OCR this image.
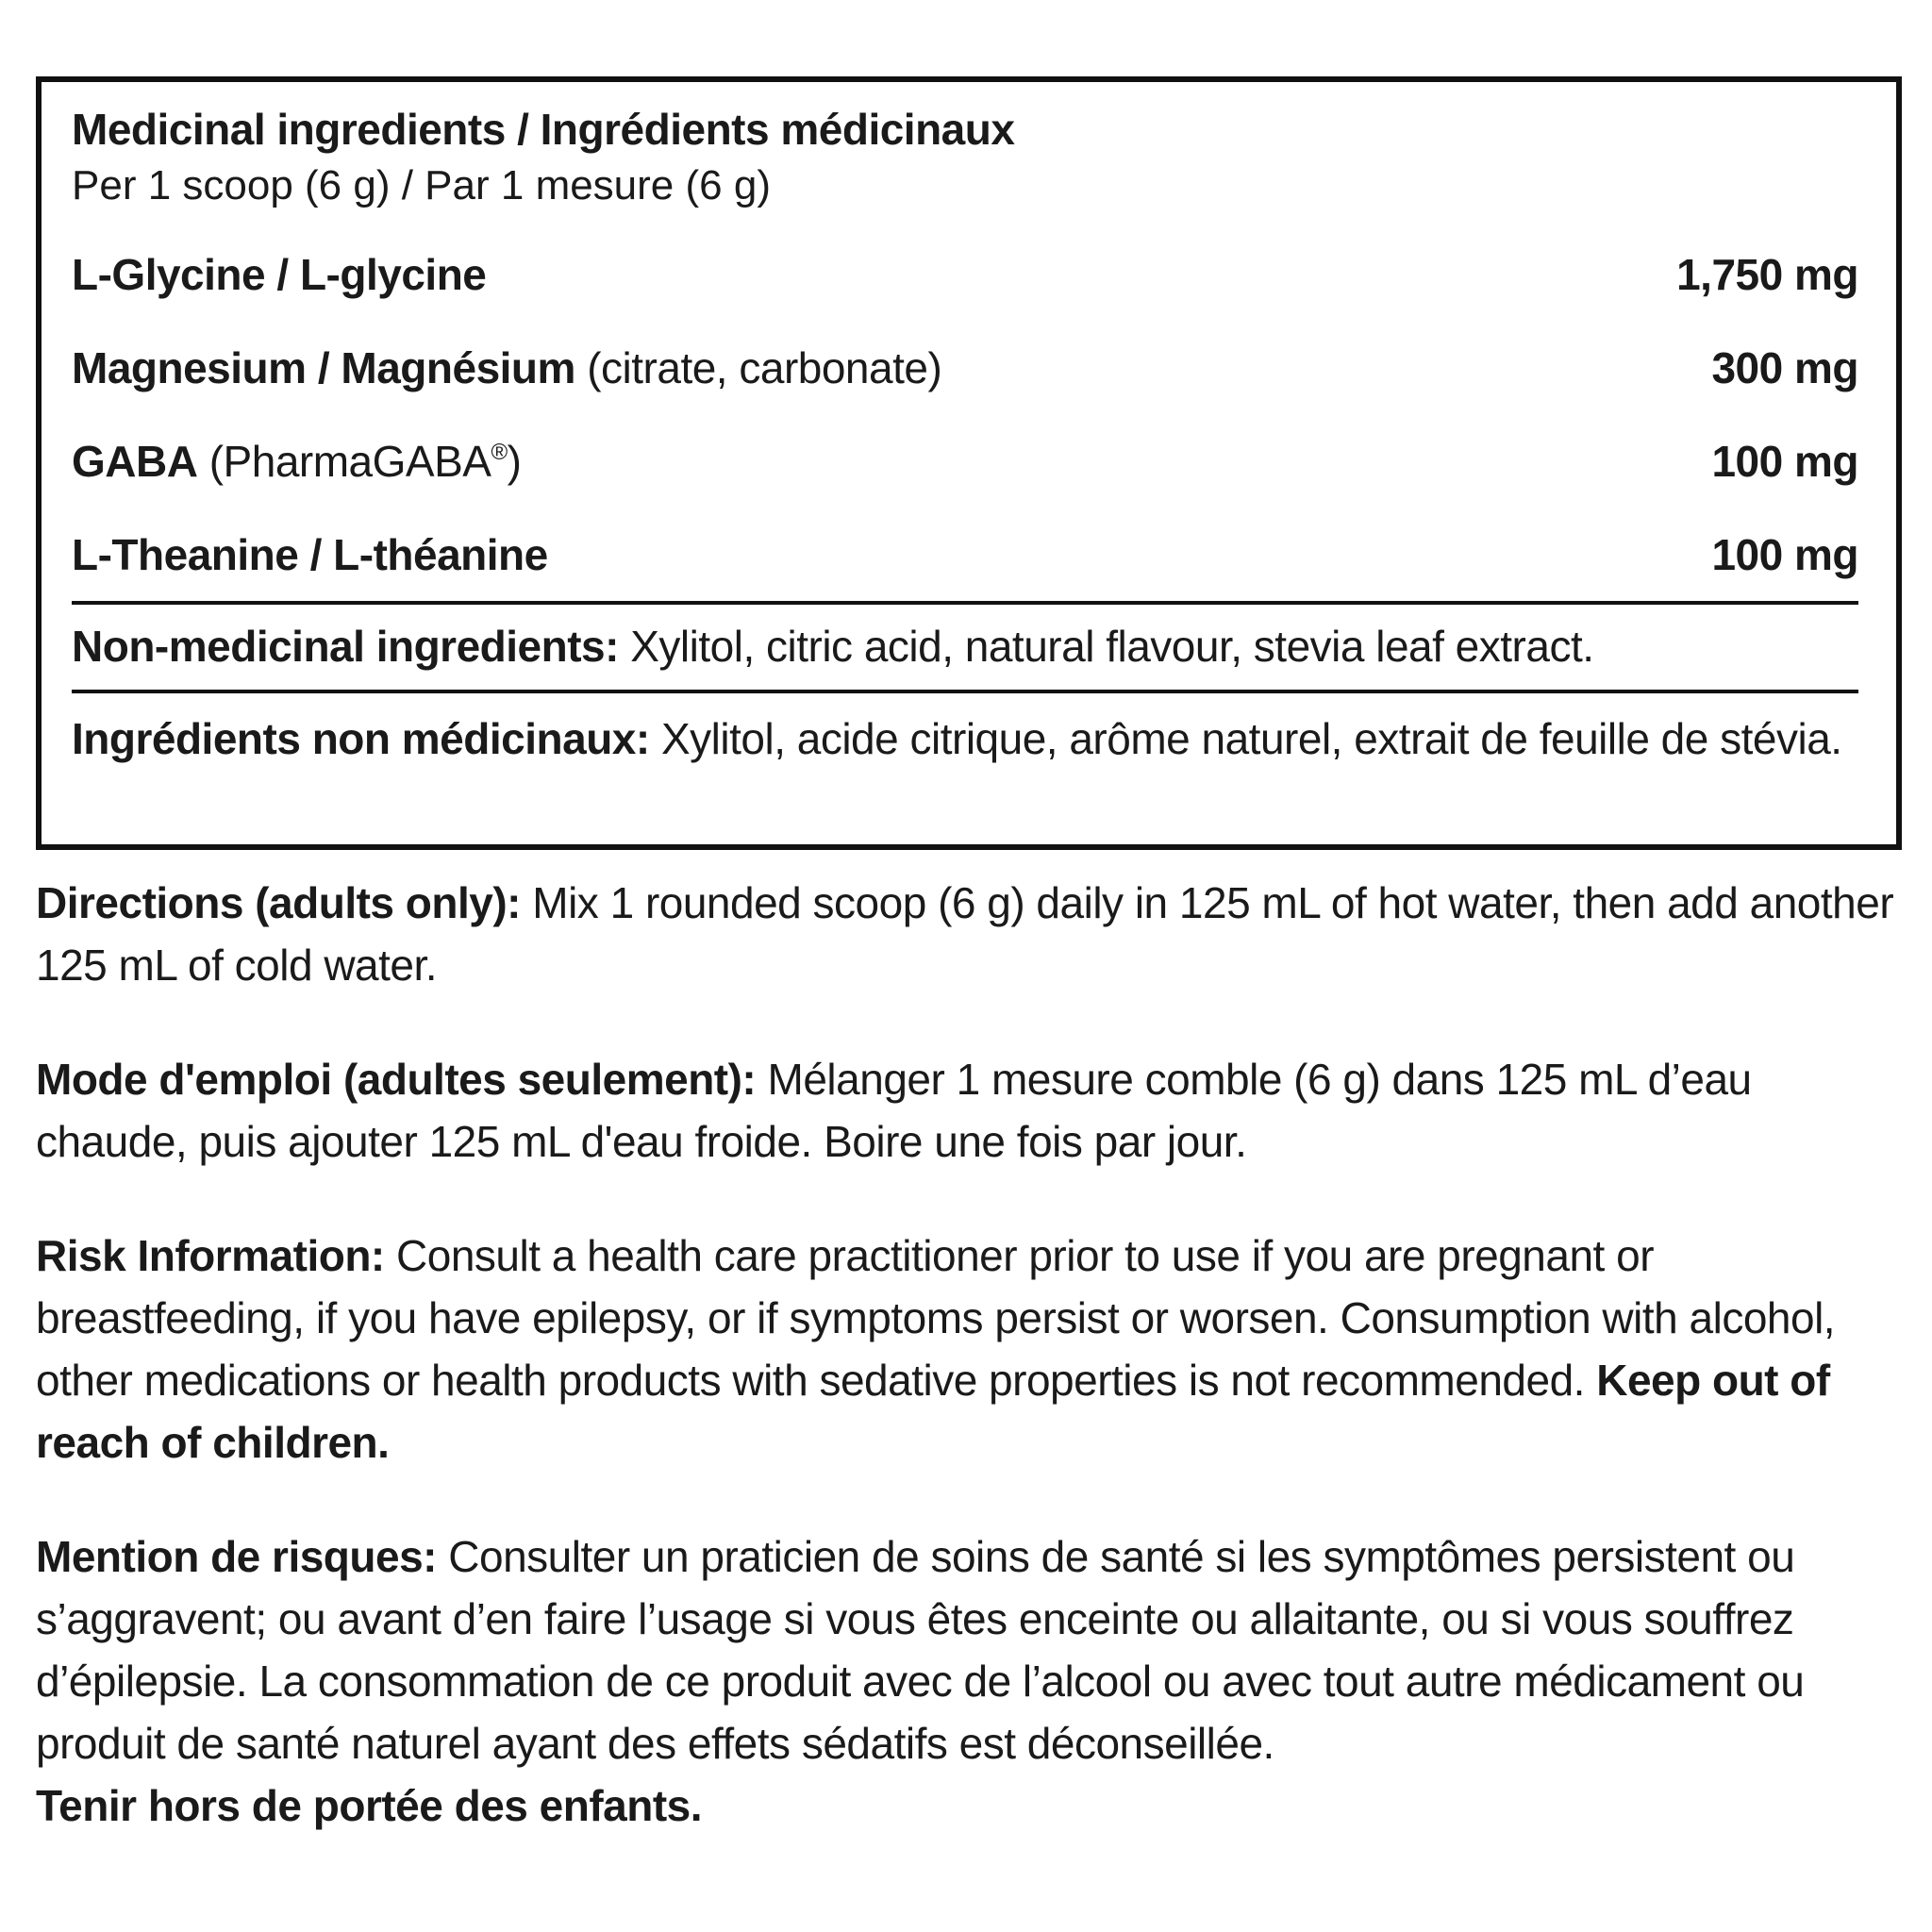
Medicinal ingredients / Ingrédients médicinaux
Per 1 scoop (6 g) / Par 1 mesure (6 g)
L-Glycine / L-glycine	1,750 mg
Magnesium / Magnésium (citrate, carbonate)	300 mg
GABA (PharmaGABA®)	100 mg
L-Theanine / L-théanine	100 mg
Non-medicinal ingredients: Xylitol, citric acid, natural flavour, stevia leaf extract.
Ingrédients non médicinaux: Xylitol, acide citrique, arôme naturel, extrait de feuille de stévia.

Directions (adults only): Mix 1 rounded scoop (6 g) daily in 125 mL of hot water, then add another 125 mL of cold water.

Mode d'emploi (adultes seulement): Mélanger 1 mesure comble (6 g) dans 125 mL d’eau chaude, puis ajouter 125 mL d'eau froide. Boire une fois par jour.

Risk Information: Consult a health care practitioner prior to use if you are pregnant or breastfeeding, if you have epilepsy, or if symptoms persist or worsen. Consumption with alcohol, other medications or health products with sedative properties is not recommended. Keep out of reach of children.

Mention de risques: Consulter un praticien de soins de santé si les symptômes persistent ou s’aggravent; ou avant d’en faire l’usage si vous êtes enceinte ou allaitante, ou si vous souffrez d’épilepsie. La consommation de ce produit avec de l’alcool ou avec tout autre médicament ou produit de santé naturel ayant des effets sédatifs est déconseillée.
Tenir hors de portée des enfants.
